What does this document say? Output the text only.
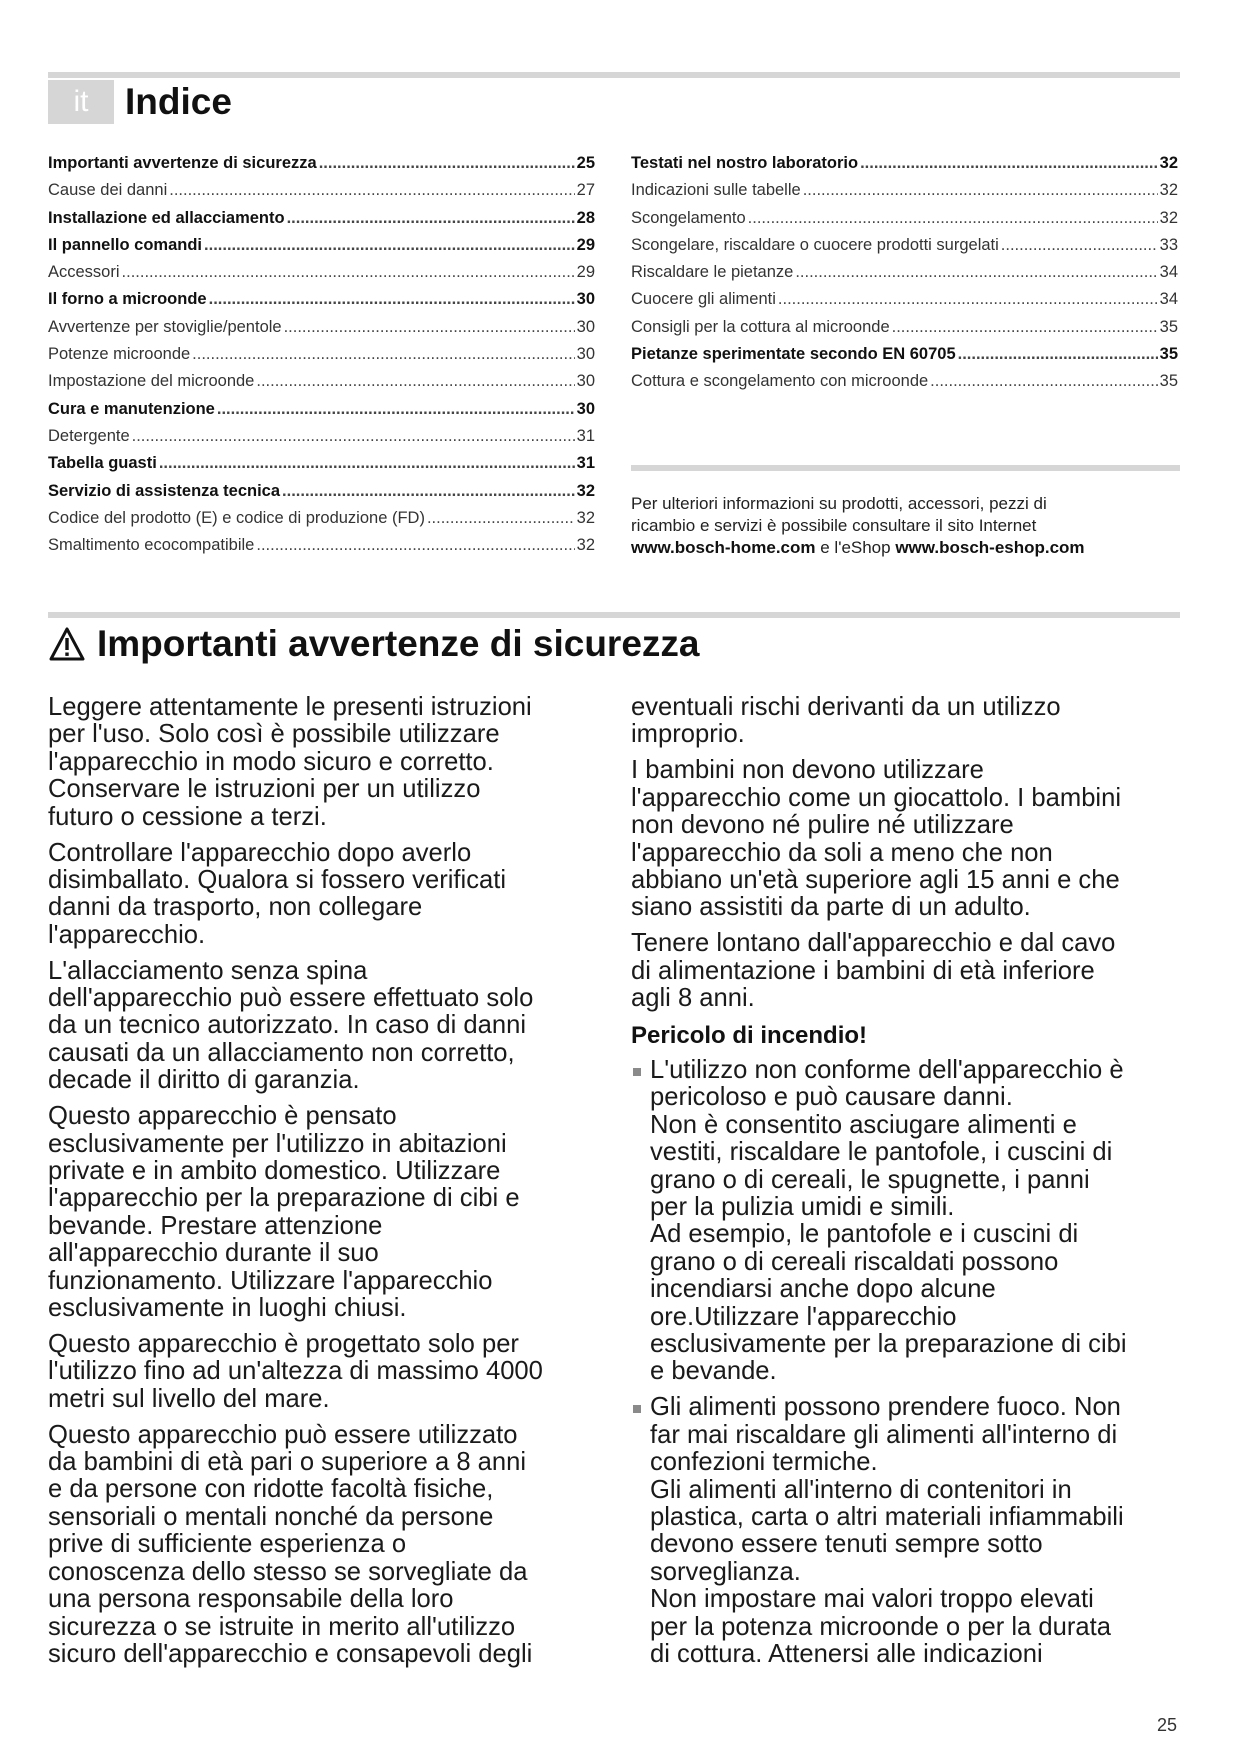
it Indice
Importanti avvertenze di sicurezza .....	25
Cause dei danni .....	27
Installazione ed allacciamento .....	28
Il pannello comandi .....	29
Accessori .....	29
Il forno a microonde .....	30
Avvertenze per stoviglie/pentole .....	30
Potenze microonde .....	30
Impostazione del microonde .....	30
Cura e manutenzione .....	30
Detergente .....	31
Tabella guasti .....	31
Servizio di assistenza tecnica .....	32
Codice del prodotto (E) e codice di produzione (FD) .....	32
Smaltimento ecocompatibile .....	32
Testati nel nostro laboratorio .....	32
Indicazioni sulle tabelle .....	32
Scongelamento .....	32
Scongelare, riscaldare o cuocere prodotti surgelati .....	33
Riscaldare le pietanze .....	34
Cuocere gli alimenti .....	34
Consigli per la cottura al microonde .....	35
Pietanze sperimentate secondo EN 60705 .....	35
Cottura e scongelamento con microonde .....	35

Per ulteriori informazioni su prodotti, accessori, pezzi di
ricambio e servizi è possibile consultare il sito Internet
www.bosch-home.com e l'eShop www.bosch-eshop.com

Importanti avvertenze di sicurezza

Leggere attentamente le presenti istruzioni
per l'uso. Solo così è possibile utilizzare
l'apparecchio in modo sicuro e corretto.
Conservare le istruzioni per un utilizzo
futuro o cessione a terzi.

Controllare l'apparecchio dopo averlo
disimballato. Qualora si fossero verificati
danni da trasporto, non collegare
l'apparecchio.

L'allacciamento senza spina
dell'apparecchio può essere effettuato solo
da un tecnico autorizzato. In caso di danni
causati da un allacciamento non corretto,
decade il diritto di garanzia.

Questo apparecchio è pensato
esclusivamente per l'utilizzo in abitazioni
private e in ambito domestico. Utilizzare
l'apparecchio per la preparazione di cibi e
bevande. Prestare attenzione
all'apparecchio durante il suo
funzionamento. Utilizzare l'apparecchio
esclusivamente in luoghi chiusi.

Questo apparecchio è progettato solo per
l'utilizzo fino ad un'altezza di massimo 4000
metri sul livello del mare.

Questo apparecchio può essere utilizzato
da bambini di età pari o superiore a 8 anni
e da persone con ridotte facoltà fisiche,
sensoriali o mentali nonché da persone
prive di sufficiente esperienza o
conoscenza dello stesso se sorvegliate da
una persona responsabile della loro
sicurezza o se istruite in merito all'utilizzo
sicuro dell'apparecchio e consapevoli degli

eventuali rischi derivanti da un utilizzo
improprio.

I bambini non devono utilizzare
l'apparecchio come un giocattolo. I bambini
non devono né pulire né utilizzare
l'apparecchio da soli a meno che non
abbiano un'età superiore agli 15 anni e che
siano assistiti da parte di un adulto.

Tenere lontano dall'apparecchio e dal cavo
di alimentazione i bambini di età inferiore
agli 8 anni.

Pericolo di incendio!
L'utilizzo non conforme dell'apparecchio è
pericoloso e può causare danni.
Non è consentito asciugare alimenti e
vestiti, riscaldare le pantofole, i cuscini di
grano o di cereali, le spugnette, i panni
per la pulizia umidi e simili.
Ad esempio, le pantofole e i cuscini di
grano o di cereali riscaldati possono
incendiarsi anche dopo alcune
ore.Utilizzare l'apparecchio
esclusivamente per la preparazione di cibi
e bevande.
Gli alimenti possono prendere fuoco. Non
far mai riscaldare gli alimenti all'interno di
confezioni termiche.
Gli alimenti all'interno di contenitori in
plastica, carta o altri materiali infiammabili
devono essere tenuti sempre sotto
sorveglianza.
Non impostare mai valori troppo elevati
per la potenza microonde o per la durata
di cottura. Attenersi alle indicazioni
25
